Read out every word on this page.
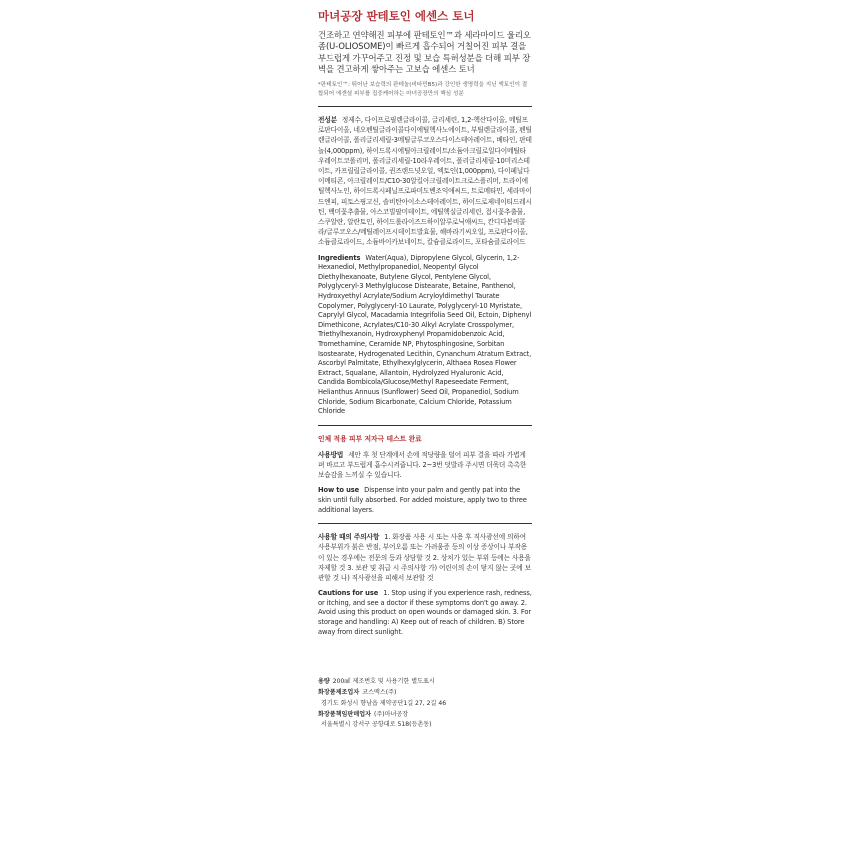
마녀공장 판테토인 에센스 토너
건조하고 연약해진 피부에 판테토인™과 세라마이드 울리오좀(U-OLIOSOME)이 빠르게 흡수되어 거칠어진 피부 결을 부드럽게 가꾸어주고 진정 및 보습 특허성분을 더해 피부 장벽을 견고하게 쌓아주는 고보습 에센스 토너
*판테토인™: 뛰어난 보습력의 판테놀(비타민B5)과 강인한 생명력을 지닌 엑토인이 결합되어 에센셜 피부를 집중케어하는 마녀공장만의 핵심 성분
전성분 정제수, 다이프로필렌글라이콜, 글리세린, 1,2-헥산다이올, 메틸프로판다이올, 네오펜틸글라이콜다이에틸헥사노에이트, 부틸렌글라이콜, 펜틸렌글라이콜, 폴리글리세릴-3메틸글루코오스다이스테아레이트, 베타인, 판테놀(4,000ppm), 하이드록시에틸아크릴레이트/소듐아크릴로일다이메틸타우레이트코폴리머, 폴리글리세릴-10라우레이트, 폴리글리세릴-10미리스테이트, 카프릴릴글라이콜, 퀸즈랜드넛오일, 엑토인(1,000ppm), 다이페닐다이메티콘, 아크릴레이트/C10-30알킬아크릴레이트크로스폴리머, 트라이에틸헥사노인, 하이드록시페닐프로파미도벤조익애씨드, 트로메타민, 세라마이드엔피, 피토스핑고신, 솔비탄아이소스테아레이트, 하이드로제네이티드레시틴, 백미꽃추출물, 아스코빌팔미테이트, 에틸헥실글리세린, 접시꽃추출물, 스쿠알란, 알란토인, 하이드롤라이즈드하이알루로닉애씨드, 칸디다봄비콜라/글루코오스/메틸레이프시데이트발효물, 해바라기씨오일, 프로판다이올, 소듐클로라이드, 소듐바이카보네이트, 칼슘클로라이드, 포타슘클로라이드
Ingredients Water(Aqua), Dipropylene Glycol, Glycerin, 1,2-Hexanediol, Methylpropanediol, Neopentyl Glycol Diethylhexanoate, Butylene Glycol, Pentylene Glycol, Polyglyceryl-3 Methylglucose Distearate, Betaine, Panthenol, Hydroxyethyl Acrylate/Sodium Acryloyldimethyl Taurate Copolymer, Polyglyceryl-10 Laurate, Polyglyceryl-10 Myristate, Caprylyl Glycol, Macadamia Integrifolia Seed Oil, Ectoin, Diphenyl Dimethicone, Acrylates/C10-30 Alkyl Acrylate Crosspolymer, Triethylhexanoin, Hydroxyphenyl Propamidobenzoic Acid, Tromethamine, Ceramide NP, Phytosphingosine, Sorbitan Isostearate, Hydrogenated Lecithin, Cynanchum Atratum Extract, Ascorbyl Palmitate, Ethylhexylglycerin, Althaea Rosea Flower Extract, Squalane, Allantoin, Hydrolyzed Hyaluronic Acid, Candida Bombicola/Glucose/Methyl Rapeseedate Ferment, Helianthus Annuus (Sunflower) Seed Oil, Propanediol, Sodium Chloride, Sodium Bicarbonate, Calcium Chloride, Potassium Chloride
인체 적용 피부 저자극 테스트 완료
사용방법 세안 후 첫 단계에서 손에 적당량을 덜어 피부 결을 따라 가볍게 펴 바르고 부드럽게 흡수시켜줍니다. 2~3번 덧발라 주시면 더욱더 촉촉한 보습감을 느끼실 수 있습니다.
How to use Dispense into your palm and gently pat into the skin until fully absorbed. For added moisture, apply two to three additional layers.
사용할 때의 주의사항 1. 화장품 사용 시 또는 사용 후 직사광선에 의하여 사용부위가 붉은 반점, 부어오름 또는 가려움증 등의 이상 증상이나 부작용이 있는 경우에는 전문의 등과 상담할 것 2. 상처가 있는 부위 등에는 사용을 자제할 것 3. 보관 및 취급 시 주의사항 가) 어린이의 손이 닿지 않는 곳에 보관할 것 나) 직사광선을 피해서 보관할 것
Cautions for use 1. Stop using if you experience rash, redness, or itching, and see a doctor if these symptoms don't go away. 2. Avoid using this product on open wounds or damaged skin. 3. For storage and handling: A) Keep out of reach of children. B) Store away from direct sunlight.
용량 200㎖ 제조번호 및 사용기한 별도표시
화장품제조업자 코스맥스(주)
경기도 화성시 향남읍 제약공단1길 27, 2길 46
화장품책임판매업자 (주)마녀공장
서울특별시 강서구 공항대로 518(등촌동)
